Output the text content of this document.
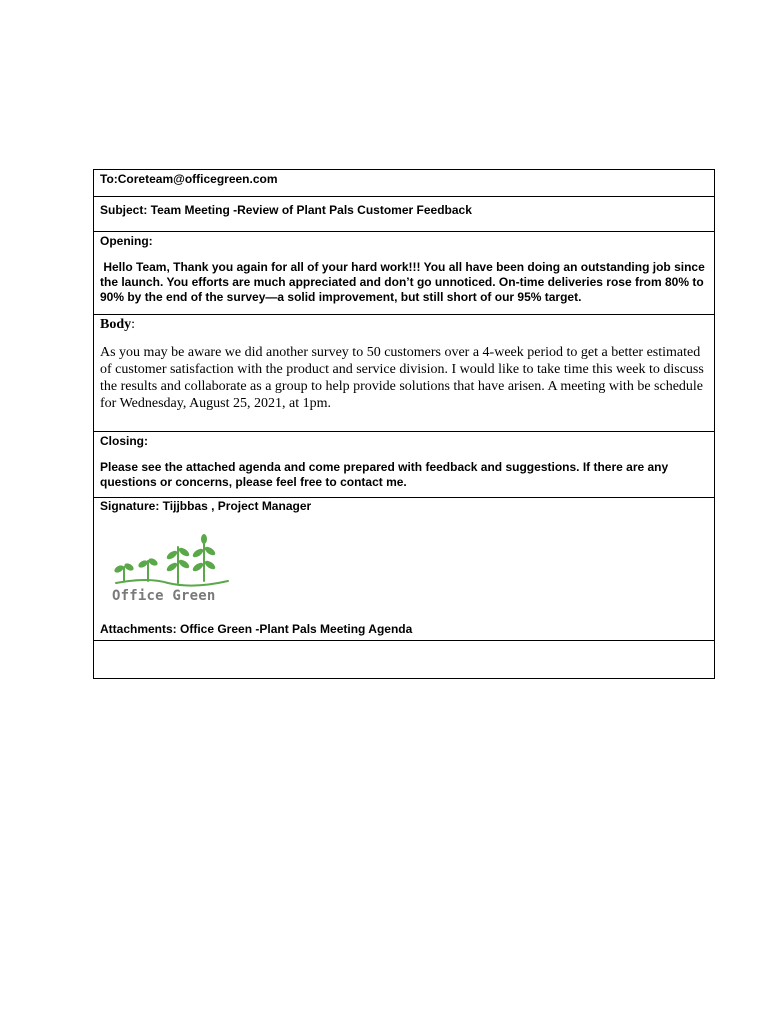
To:Coreteam@officegreen.com
Subject: Team Meeting -Review of Plant Pals Customer Feedback
Opening:
Hello Team, Thank you again for all of your hard work!!! You all have been doing an outstanding job since the launch. You efforts are much appreciated and don’t go unnoticed. On-time deliveries rose from 80% to 90% by the end of the survey—a solid improvement, but still short of our 95% target.
Body:
As you may be aware we did another survey to 50 customers over a 4-week period to get a better estimated of customer satisfaction with the product and service division. I would like to take time this week to discuss the results and collaborate as a group to help provide solutions that have arisen. A meeting with be schedule for Wednesday, August 25, 2021, at 1pm.
Closing:
Please see the attached agenda and come prepared with feedback and suggestions. If there are any questions or concerns, please feel free to contact me.
Signature: Tijjbbas , Project Manager
Office Green
Attachments: Office Green -Plant Pals Meeting Agenda
